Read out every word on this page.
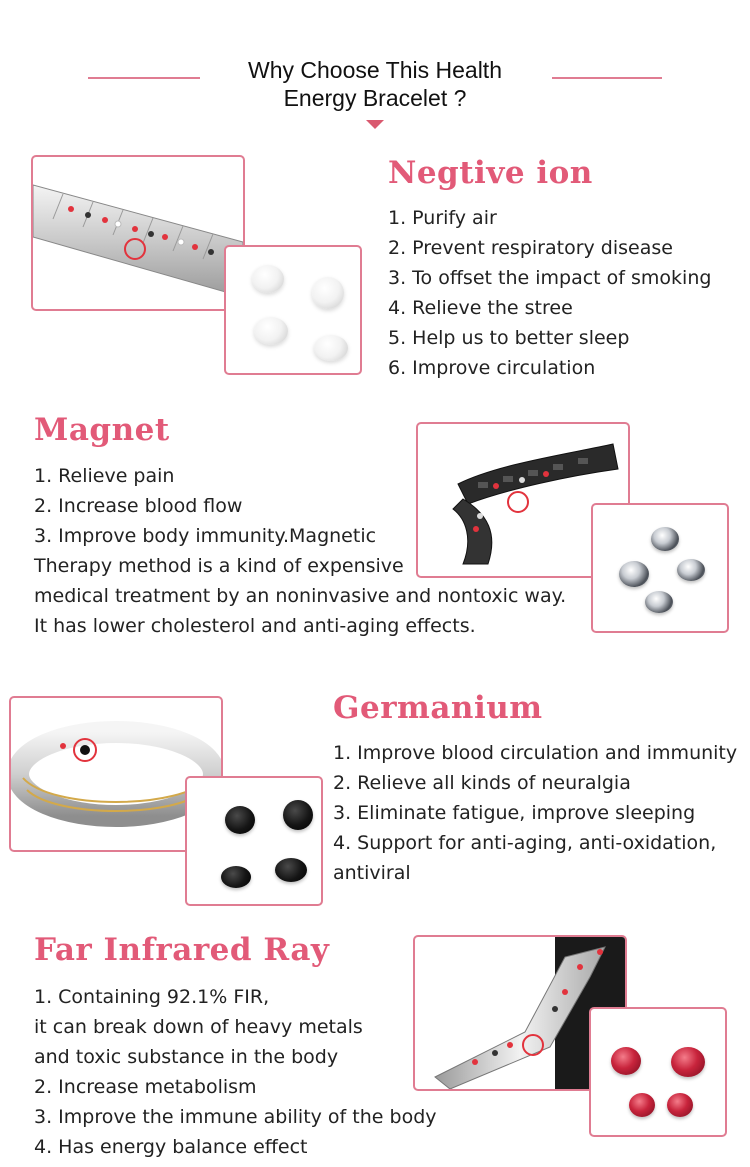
Why Choose This Health
Energy Bracelet ?
Negtive ion
1. Purify air
2. Prevent respiratory disease
3. To offset the impact of smoking
4. Relieve the stree
5. Help us to better sleep
6. Improve circulation
Magnet
1. Relieve pain
2. Increase blood flow
3. Improve body immunity.Magnetic
Therapy method is a kind of expensive
medical treatment by an noninvasive and nontoxic way.
It has lower cholesterol and anti-aging effects.
Germanium
1. Improve blood circulation and immunity
2. Relieve all kinds of neuralgia
3. Eliminate fatigue, improve sleeping
4. Support for anti-aging, anti-oxidation,
antiviral
Far Infrared Ray
1. Containing 92.1% FIR,
it can break down of heavy metals
and toxic substance in the body
2. Increase metabolism
3. Improve the immune ability of the body
4. Has energy balance effect
